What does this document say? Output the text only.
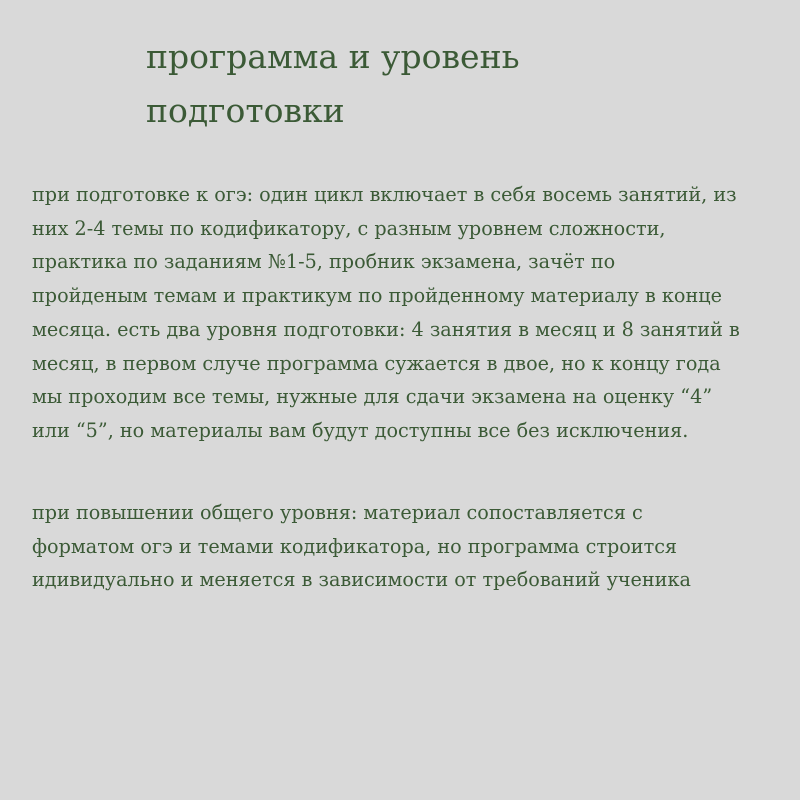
программа и уровень
подготовки

при подготовке к огэ: один цикл включает в себя восемь занятий, из
них 2-4 темы по кодификатору, с разным уровнем сложности,
практика по заданиям №1-5, пробник экзамена, зачёт по
пройденым темам и практикум по пройденному материалу в конце
месяца. есть два уровня подготовки: 4 занятия в месяц и 8 занятий в
месяц, в первом случе программа сужается в двое, но к концу года
мы проходим все темы, нужные для сдачи экзамена на оценку “4”
или “5”, но материалы вам будут доступны все без исключения.

при повышении общего уровня: материал сопоставляется с
форматом огэ и темами кодификатора, но программа строится
идивидуально и меняется в зависимости от требований ученика
